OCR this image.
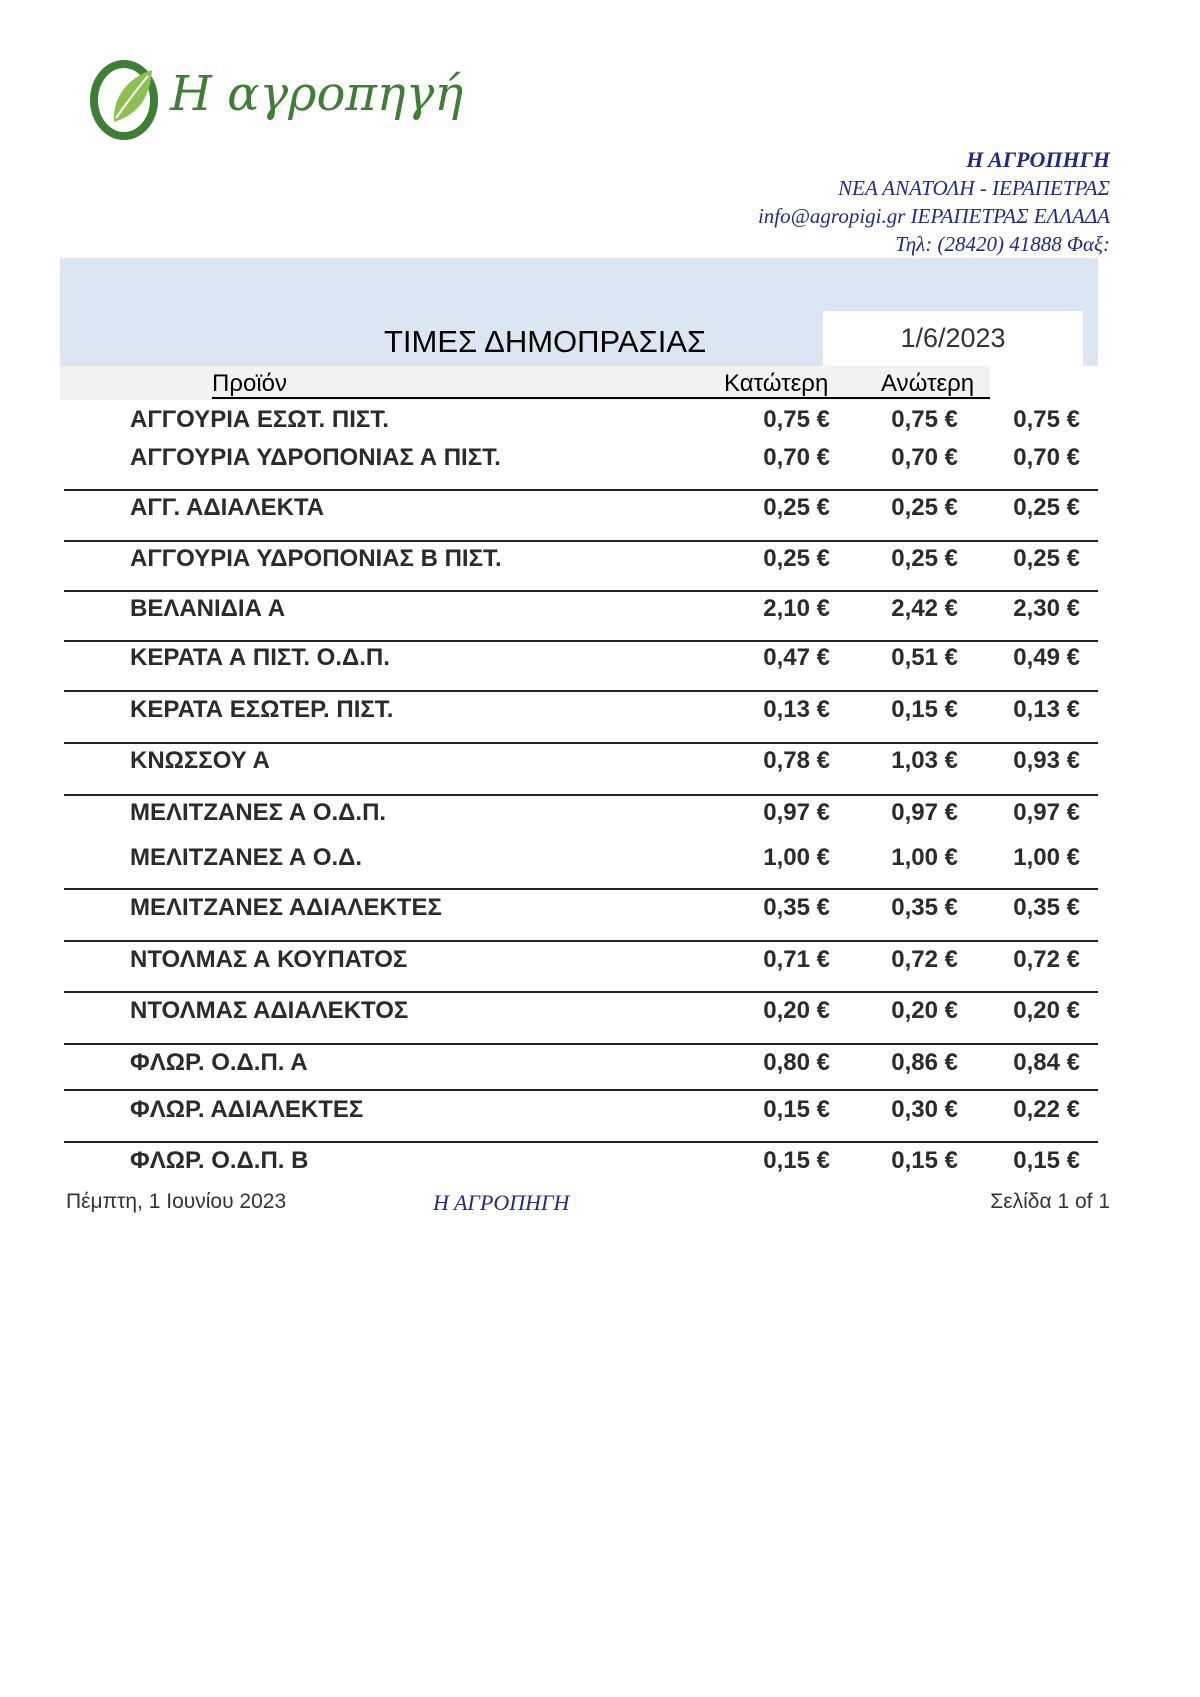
Η αγροπηγή
Η ΑΓΡΟΠΗΓΗ
ΝΕΑ ΑΝΑΤΟΛΗ - ΙΕΡΑΠΕΤΡΑΣ
info@agropigi.gr ΙΕΡΑΠΕΤΡΑΣ ΕΛΛΑΔΑ
Τηλ: (28420) 41888 Φαξ:
ΤΙΜΕΣ ΔΗΜΟΠΡΑΣΙΑΣ	1/6/2023
Προϊόν	Κατώτερη Ανώτερη
ΑΓΓΟΥΡΙΑ ΕΣΩΤ. ΠΙΣΤ.	0,75 €	0,75 €	0,75 €
ΑΓΓΟΥΡΙΑ ΥΔΡΟΠΟΝΙΑΣ Α ΠΙΣΤ.	0,70 €	0,70 €	0,70 €
ΑΓΓ. ΑΔΙΑΛΕΚΤΑ	0,25 €	0,25 €	0,25 €
ΑΓΓΟΥΡΙΑ ΥΔΡΟΠΟΝΙΑΣ Β ΠΙΣΤ.	0,25 €	0,25 €	0,25 €
ΒΕΛΑΝΙΔΙΑ Α	2,10 €	2,42 €	2,30 €
ΚΕΡΑΤΑ Α ΠΙΣΤ. Ο.Δ.Π.	0,47 €	0,51 €	0,49 €
ΚΕΡΑΤΑ ΕΣΩΤΕΡ. ΠΙΣΤ.	0,13 €	0,15 €	0,13 €
ΚΝΩΣΣΟΥ Α	0,78 €	1,03 €	0,93 €
ΜΕΛΙΤΖΑΝΕΣ Α Ο.Δ.Π.	0,97 €	0,97 €	0,97 €
ΜΕΛΙΤΖΑΝΕΣ Α Ο.Δ.	1,00 €	1,00 €	1,00 €
ΜΕΛΙΤΖΑΝΕΣ ΑΔΙΑΛΕΚΤΕΣ	0,35 €	0,35 €	0,35 €
ΝΤΟΛΜΑΣ Α ΚΟΥΠΑΤΟΣ	0,71 €	0,72 €	0,72 €
ΝΤΟΛΜΑΣ ΑΔΙΑΛΕΚΤΟΣ	0,20 €	0,20 €	0,20 €
ΦΛΩΡ. Ο.Δ.Π. Α	0,80 €	0,86 €	0,84 €
ΦΛΩΡ. ΑΔΙΑΛΕΚΤΕΣ	0,15 €	0,30 €	0,22 €
ΦΛΩΡ. Ο.Δ.Π. Β	0,15 €	0,15 €	0,15 €
Πέμπτη, 1 Ιουνίου 2023	Η ΑΓΡΟΠΗΓΗ	Σελίδα 1 of 1
